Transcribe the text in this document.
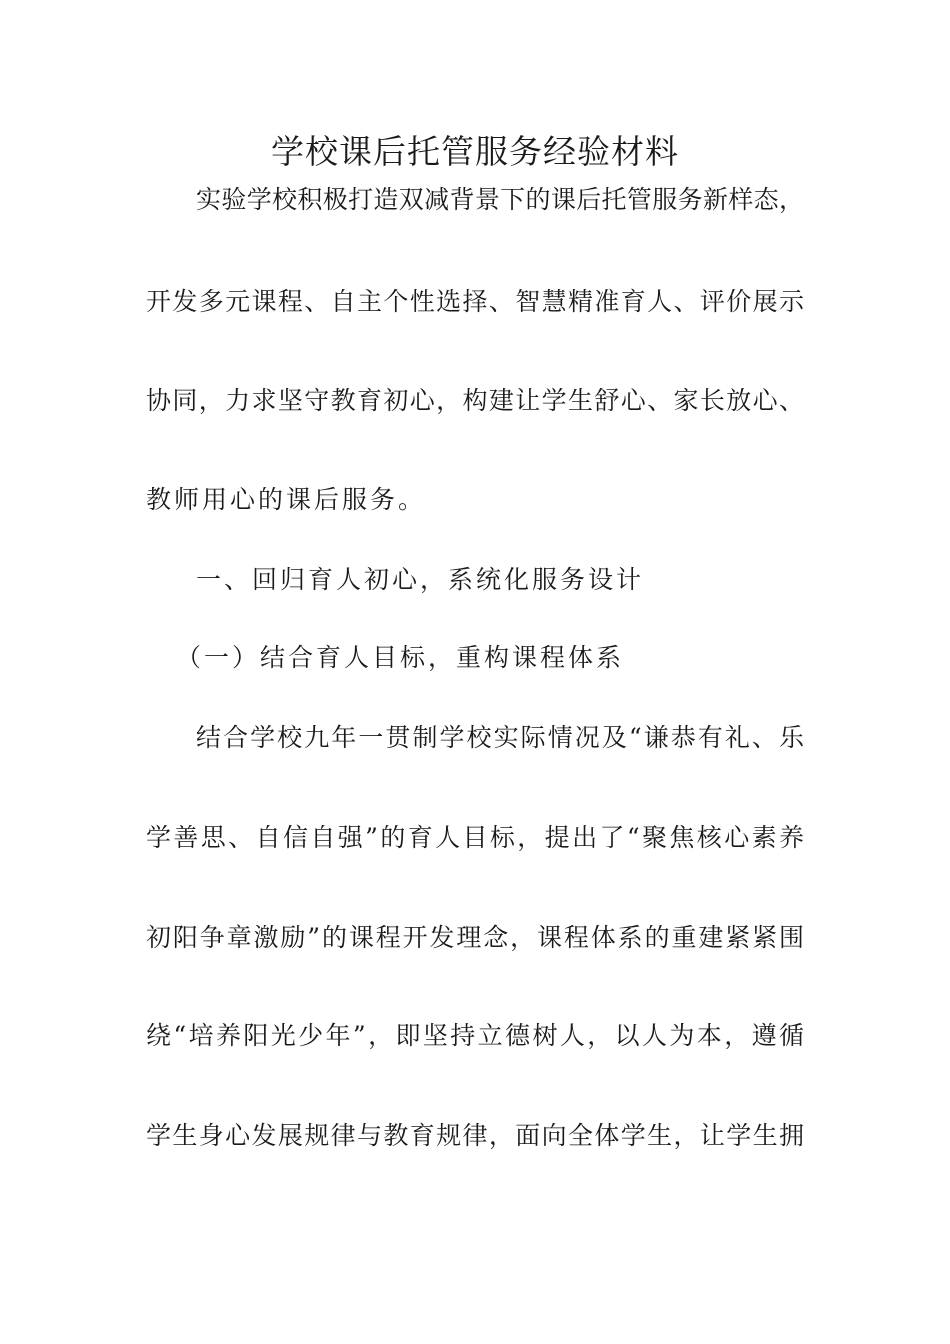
学校课后托管服务经验材料
实验学校积极打造双减背景下的课后托管服务新样态，
开发多元课程、自主个性选择、智慧精准育人、评价展示
协同，力求坚守教育初心，构建让学生舒心、家长放心、
教师用心的课后服务。
一、回归育人初心，系统化服务设计
（一）结合育人目标，重构课程体系
结合学校九年一贯制学校实际情况及“谦恭有礼、乐
学善思、自信自强”的育人目标，提出了“聚焦核心素养
初阳争章激励”的课程开发理念，课程体系的重建紧紧围
绕“培养阳光少年”，即坚持立德树人，以人为本，遵循
学生身心发展规律与教育规律，面向全体学生，让学生拥
